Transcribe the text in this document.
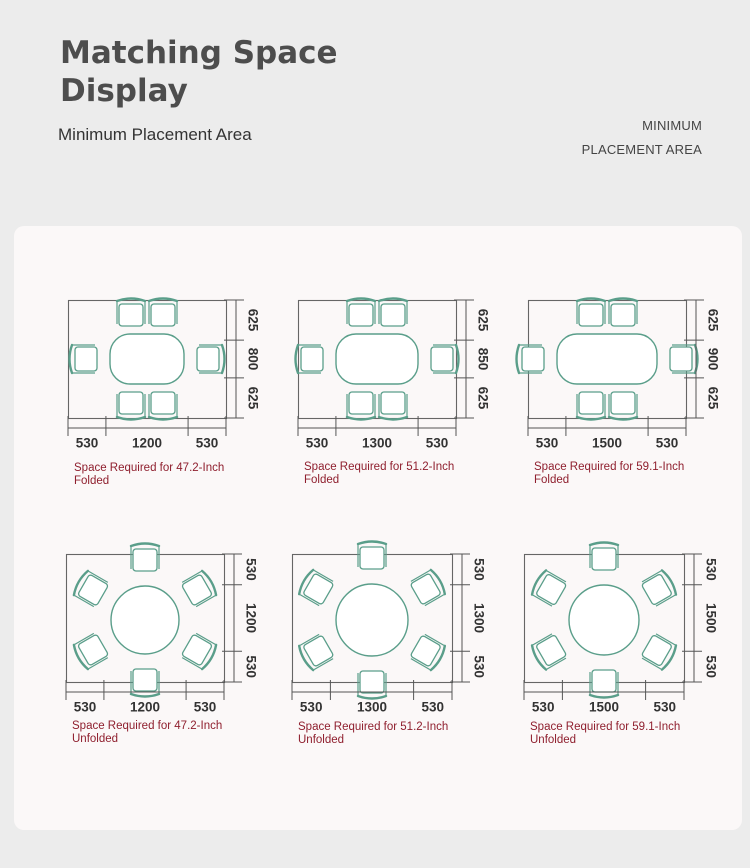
Matching Space Display
Minimum Placement Area	MINIMUM
PLACEMENT AREA
530	1200	530
625
800
625
Space Required for 47.2-Inch
Folded
530	1300	530
625
850
625
Space Required for 51.2-Inch
Folded
530	1500	530
625
900
625
Space Required for 59.1-Inch
Folded
530	1200	530
530
1200
530
Space Required for 47.2-Inch
Unfolded
530	1300	530
530
1300
530
Space Required for 51.2-Inch
Unfolded
530	1500	530
530
1500
530
Space Required for 59.1-Inch
Unfolded
